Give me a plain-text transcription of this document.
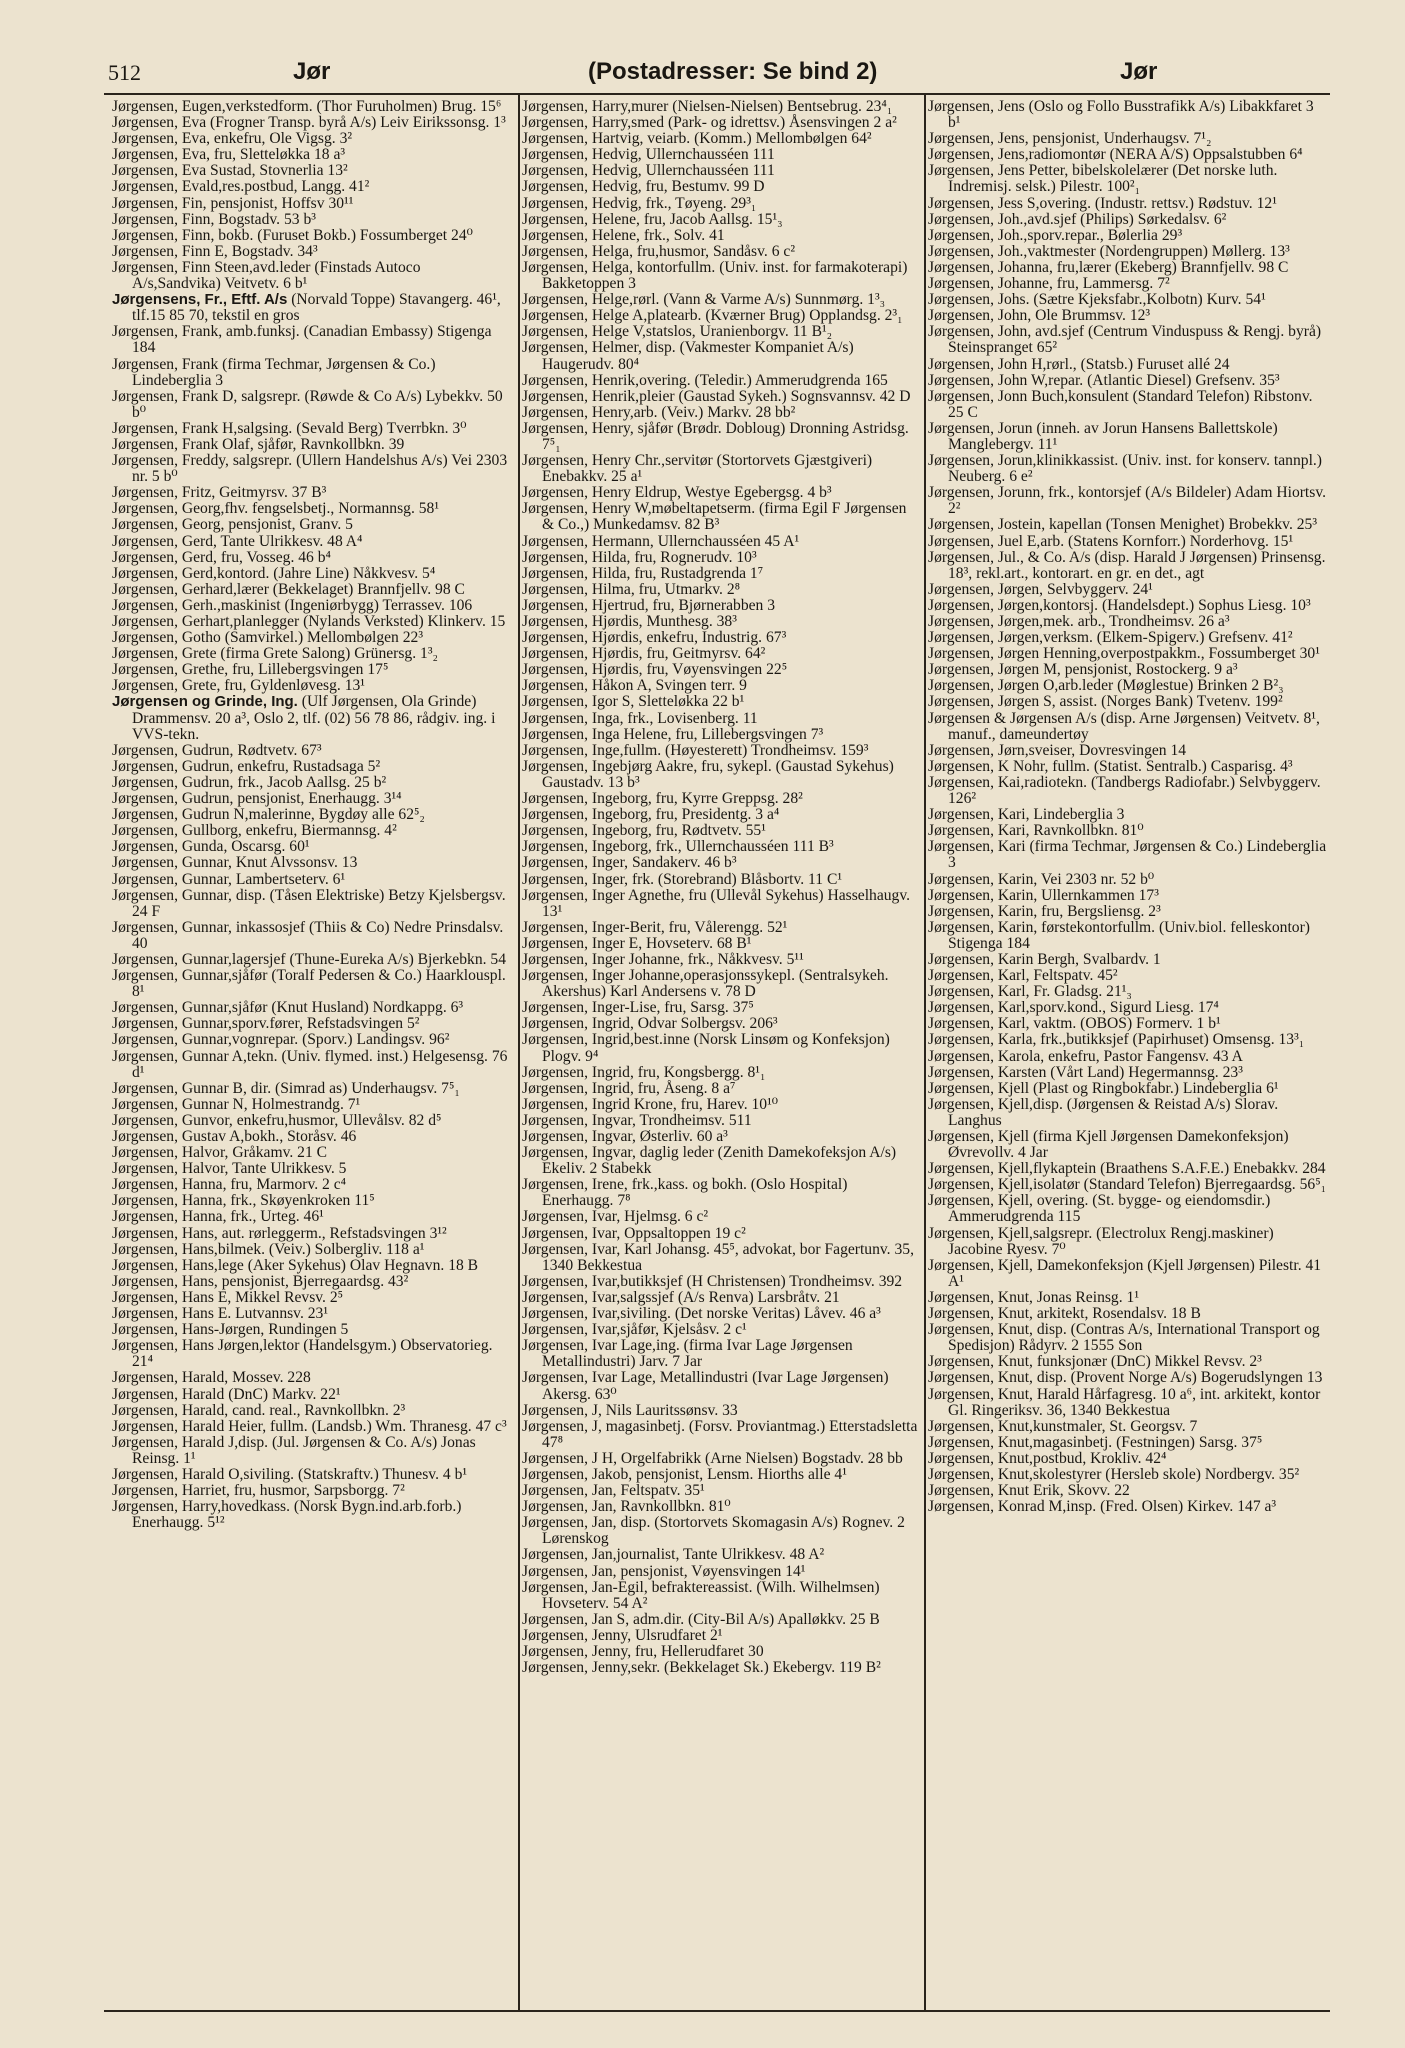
512	Jør	(Postadresser: Se bind 2)	Jør
Jørgensen, Eugen,verkstedform. (Thor Furuholmen) Brug. 15⁶
Jørgensen, Eva (Frogner Transp. byrå A/s) Leiv Eirikssonsg. 1³
Jørgensen, Eva, enkefru, Ole Vigsg. 3²
Jørgensen, Eva, fru, Sletteløkka 18 a³
Jørgensen, Eva Sustad, Stovnerlia 13²
Jørgensen, Evald,res.postbud, Langg. 41²
Jørgensen, Fin, pensjonist, Hoffsv 30¹¹
Jørgensen, Finn, Bogstadv. 53 b³
Jørgensen, Finn, bokb. (Furuset Bokb.) Fossumberget 24⁰
Jørgensen, Finn E, Bogstadv. 34³
Jørgensen, Finn Steen,avd.leder (Finstads Autoco A/s,Sandvika) Veitvetv. 6 b¹
Jørgensens, Fr., Eftf. A/s (Norvald Toppe) Stavangerg. 46¹, tlf.15 85 70, tekstil en gros
Jørgensen, Frank, amb.funksj. (Canadian Embassy) Stigenga 184
Jørgensen, Frank (firma Techmar, Jørgensen & Co.) Lindeberglia 3
Jørgensen, Frank D, salgsrepr. (Røwde & Co A/s) Lybekkv. 50 b⁰
Jørgensen, Frank H,salgsing. (Sevald Berg) Tverrbkn. 3⁰
Jørgensen, Frank Olaf, sjåfør, Ravnkollbkn. 39
Jørgensen, Freddy, salgsrepr. (Ullern Handelshus A/s) Vei 2303 nr. 5 b⁰
Jørgensen, Fritz, Geitmyrsv. 37 B³
Jørgensen, Georg,fhv. fengselsbetj., Normannsg. 58¹
Jørgensen, Georg, pensjonist, Granv. 5
Jørgensen, Gerd, Tante Ulrikkesv. 48 A⁴
Jørgensen, Gerd, fru, Vosseg. 46 b⁴
Jørgensen, Gerd,kontord. (Jahre Line) Nåkkvesv. 5⁴
Jørgensen, Gerhard,lærer (Bekkelaget) Brannfjellv. 98 C
Jørgensen, Gerh.,maskinist (Ingeniørbygg) Terrassev. 106
Jørgensen, Gerhart,planlegger (Nylands Verksted) Klinkerv. 15
Jørgensen, Gotho (Samvirkel.) Mellombølgen 22³
Jørgensen, Grete (firma Grete Salong) Grünersg. 1³₂
Jørgensen, Grethe, fru, Lillebergsvingen 17⁵
Jørgensen, Grete, fru, Gyldenløvesg. 13¹
Jørgensen og Grinde, Ing. (Ulf Jørgensen, Ola Grinde) Drammensv. 20 a³, Oslo 2, tlf. (02) 56 78 86, rådgiv. ing. i VVS-tekn.
Jørgensen, Gudrun, Rødtvetv. 67³
Jørgensen, Gudrun, enkefru, Rustadsaga 5²
Jørgensen, Gudrun, frk., Jacob Aallsg. 25 b²
Jørgensen, Gudrun, pensjonist, Enerhaugg. 3¹⁴
Jørgensen, Gudrun N,malerinne, Bygdøy alle 62⁵₂
Jørgensen, Gullborg, enkefru, Biermannsg. 4²
Jørgensen, Gunda, Oscarsg. 60¹
Jørgensen, Gunnar, Knut Alvssonsv. 13
Jørgensen, Gunnar, Lambertseterv. 6¹
Jørgensen, Gunnar, disp. (Tåsen Elektriske) Betzy Kjelsbergsv. 24 F
Jørgensen, Gunnar, inkassosjef (Thiis & Co) Nedre Prinsdalsv. 40
Jørgensen, Gunnar,lagersjef (Thune-Eureka A/s) Bjerkebkn. 54
Jørgensen, Gunnar,sjåfør (Toralf Pedersen & Co.) Haarklouspl. 8¹
Jørgensen, Gunnar,sjåfør (Knut Husland) Nordkappg. 6³
Jørgensen, Gunnar,sporv.fører, Refstadsvingen 5²
Jørgensen, Gunnar,vognrepar. (Sporv.) Landingsv. 96²
Jørgensen, Gunnar A,tekn. (Univ. flymed. inst.) Helgesensg. 76 d¹
Jørgensen, Gunnar B, dir. (Simrad as) Underhaugsv. 7⁵₁
Jørgensen, Gunnar N, Holmestrandg. 7¹
Jørgensen, Gunvor, enkefru,husmor, Ullevålsv. 82 d⁵
Jørgensen, Gustav A,bokh., Storåsv. 46
Jørgensen, Halvor, Gråkamv. 21 C
Jørgensen, Halvor, Tante Ulrikkesv. 5
Jørgensen, Hanna, fru, Marmorv. 2 c⁴
Jørgensen, Hanna, frk., Skøyenkroken 11⁵
Jørgensen, Hanna, frk., Urteg. 46¹
Jørgensen, Hans, aut. rørleggerm., Refstadsvingen 3¹²
Jørgensen, Hans,bilmek. (Veiv.) Solbergliv. 118 a¹
Jørgensen, Hans,lege (Aker Sykehus) Olav Hegnavn. 18 B
Jørgensen, Hans, pensjonist, Bjerregaardsg. 43²
Jørgensen, Hans E, Mikkel Revsv. 2⁵
Jørgensen, Hans E. Lutvannsv. 23¹
Jørgensen, Hans-Jørgen, Rundingen 5
Jørgensen, Hans Jørgen,lektor (Handelsgym.) Observatorieg. 21⁴
Jørgensen, Harald, Mossev. 228
Jørgensen, Harald (DnC) Markv. 22¹
Jørgensen, Harald, cand. real., Ravnkollbkn. 2³
Jørgensen, Harald Heier, fullm. (Landsb.) Wm. Thranesg. 47 c³
Jørgensen, Harald J,disp. (Jul. Jørgensen & Co. A/s) Jonas Reinsg. 1¹
Jørgensen, Harald O,siviling. (Statskraftv.) Thunesv. 4 b¹
Jørgensen, Harriet, fru, husmor, Sarpsborgg. 7²
Jørgensen, Harry,hovedkass. (Norsk Bygn.ind.arb.forb.) Enerhaugg. 5¹²
Jørgensen, Harry,murer (Nielsen-Nielsen) Bentsebrug. 23⁴₁
Jørgensen, Harry,smed (Park- og idrettsv.) Åsensvingen 2 a²
Jørgensen, Hartvig, veiarb. (Komm.) Mellombølgen 64²
Jørgensen, Hedvig, Ullernchausséen 111
Jørgensen, Hedvig, Ullernchausséen 111
Jørgensen, Hedvig, fru, Bestumv. 99 D
Jørgensen, Hedvig, frk., Tøyeng. 29³₁
Jørgensen, Helene, fru, Jacob Aallsg. 15¹₃
Jørgensen, Helene, frk., Solv. 41
Jørgensen, Helga, fru,husmor, Sandåsv. 6 c²
Jørgensen, Helga, kontorfullm. (Univ. inst. for farmakoterapi) Bakketoppen 3
Jørgensen, Helge,rørl. (Vann & Varme A/s) Sunnmørg. 1³₃
Jørgensen, Helge A,platearb. (Kværner Brug) Opplandsg. 2³₁
Jørgensen, Helge V,statslos, Uranienborgv. 11 B¹₂
Jørgensen, Helmer, disp. (Vakmester Kompaniet A/s) Haugerudv. 80⁴
Jørgensen, Henrik,overing. (Teledir.) Ammerudgrenda 165
Jørgensen, Henrik,pleier (Gaustad Sykeh.) Sognsvannsv. 42 D
Jørgensen, Henry,arb. (Veiv.) Markv. 28 bb²
Jørgensen, Henry, sjåfør (Brødr. Dobloug) Dronning Astridsg. 7⁵₁
Jørgensen, Henry Chr.,servitør (Stortorvets Gjæstgiveri) Enebakkv. 25 a¹
Jørgensen, Henry Eldrup, Westye Egebergsg. 4 b³
Jørgensen, Henry W,møbeltapetserm. (firma Egil F Jørgensen & Co.,) Munkedamsv. 82 B³
Jørgensen, Hermann, Ullernchausséen 45 A¹
Jørgensen, Hilda, fru, Rognerudv. 10³
Jørgensen, Hilda, fru, Rustadgrenda 1⁷
Jørgensen, Hilma, fru, Utmarkv. 2⁸
Jørgensen, Hjertrud, fru, Bjørnerabben 3
Jørgensen, Hjørdis, Munthesg. 38³
Jørgensen, Hjørdis, enkefru, Industrig. 67³
Jørgensen, Hjørdis, fru, Geitmyrsv. 64²
Jørgensen, Hjørdis, fru, Vøyensvingen 22⁵
Jørgensen, Håkon A, Svingen terr. 9
Jørgensen, Igor S, Sletteløkka 22 b¹
Jørgensen, Inga, frk., Lovisenberg. 11
Jørgensen, Inga Helene, fru, Lillebergsvingen 7³
Jørgensen, Inge,fullm. (Høyesterett) Trondheimsv. 159³
Jørgensen, Ingebjørg Aakre, fru, sykepl. (Gaustad Sykehus) Gaustadv. 13 b³
Jørgensen, Ingeborg, fru, Kyrre Greppsg. 28²
Jørgensen, Ingeborg, fru, Presidentg. 3 a⁴
Jørgensen, Ingeborg, fru, Rødtvetv. 55¹
Jørgensen, Ingeborg, frk., Ullernchausséen 111 B³
Jørgensen, Inger, Sandakerv. 46 b³
Jørgensen, Inger, frk. (Storebrand) Blåsbortv. 11 C¹
Jørgensen, Inger Agnethe, fru (Ullevål Sykehus) Hasselhaugv. 13¹
Jørgensen, Inger-Berit, fru, Vålerengg. 52¹
Jørgensen, Inger E, Hovseterv. 68 B¹
Jørgensen, Inger Johanne, frk., Nåkkvesv. 5¹¹
Jørgensen, Inger Johanne,operasjonssykepl. (Sentralsykeh. Akershus) Karl Andersens v. 78 D
Jørgensen, Inger-Lise, fru, Sarsg. 37⁵
Jørgensen, Ingrid, Odvar Solbergsv. 206³
Jørgensen, Ingrid,best.inne (Norsk Linsøm og Konfeksjon) Plogv. 9⁴
Jørgensen, Ingrid, fru, Kongsbergg. 8¹₁
Jørgensen, Ingrid, fru, Åseng. 8 a⁷
Jørgensen, Ingrid Krone, fru, Harev. 10¹⁰
Jørgensen, Ingvar, Trondheimsv. 511
Jørgensen, Ingvar, Østerliv. 60 a³
Jørgensen, Ingvar, daglig leder (Zenith Damekofeksjon A/s) Ekeliv. 2 Stabekk
Jørgensen, Irene, frk.,kass. og bokh. (Oslo Hospital) Enerhaugg. 7⁸
Jørgensen, Ivar, Hjelmsg. 6 c²
Jørgensen, Ivar, Oppsaltoppen 19 c²
Jørgensen, Ivar, Karl Johansg. 45⁵, advokat, bor Fagertunv. 35, 1340 Bekkestua
Jørgensen, Ivar,butikksjef (H Christensen) Trondheimsv. 392
Jørgensen, Ivar,salgssjef (A/s Renva) Larsbråtv. 21
Jørgensen, Ivar,siviling. (Det norske Veritas) Låvev. 46 a³
Jørgensen, Ivar,sjåfør, Kjelsåsv. 2 c¹
Jørgensen, Ivar Lage,ing. (firma Ivar Lage Jørgensen Metallindustri) Jarv. 7 Jar
Jørgensen, Ivar Lage, Metallindustri (Ivar Lage Jørgensen) Akersg. 63⁰
Jørgensen, J, Nils Lauritssønsv. 33
Jørgensen, J, magasinbetj. (Forsv. Proviantmag.) Etterstadsletta 47⁸
Jørgensen, J H, Orgelfabrikk (Arne Nielsen) Bogstadv. 28 bb
Jørgensen, Jakob, pensjonist, Lensm. Hiorths alle 4¹
Jørgensen, Jan, Feltspatv. 35¹
Jørgensen, Jan, Ravnkollbkn. 81⁰
Jørgensen, Jan, disp. (Stortorvets Skomagasin A/s) Rognev. 2 Lørenskog
Jørgensen, Jan,journalist, Tante Ulrikkesv. 48 A²
Jørgensen, Jan, pensjonist, Vøyensvingen 14¹
Jørgensen, Jan-Egil, befraktereassist. (Wilh. Wilhelmsen) Hovseterv. 54 A²
Jørgensen, Jan S, adm.dir. (City-Bil A/s) Apalløkkv. 25 B
Jørgensen, Jenny, Ulsrudfaret 2¹
Jørgensen, Jenny, fru, Hellerudfaret 30
Jørgensen, Jenny,sekr. (Bekkelaget Sk.) Ekebergv. 119 B²
Jørgensen, Jens (Oslo og Follo Busstrafikk A/s) Libakkfaret 3 b¹
Jørgensen, Jens, pensjonist, Underhaugsv. 7¹₂
Jørgensen, Jens,radiomontør (NERA A/S) Oppsalstubben 6⁴
Jørgensen, Jens Petter, bibelskolelærer (Det norske luth. Indremisj. selsk.) Pilestr. 100²₁
Jørgensen, Jess S,overing. (Industr. rettsv.) Rødstuv. 12¹
Jørgensen, Joh.,avd.sjef (Philips) Sørkedalsv. 6²
Jørgensen, Joh.,sporv.repar., Bølerlia 29³
Jørgensen, Joh.,vaktmester (Nordengruppen) Møllerg. 13³
Jørgensen, Johanna, fru,lærer (Ekeberg) Brannfjellv. 98 C
Jørgensen, Johanne, fru, Lammersg. 7²
Jørgensen, Johs. (Sætre Kjeksfabr.,Kolbotn) Kurv. 54¹
Jørgensen, John, Ole Brummsv. 12³
Jørgensen, John, avd.sjef (Centrum Vinduspuss & Rengj. byrå) Steinspranget 65²
Jørgensen, John H,rørl., (Statsb.) Furuset allé 24
Jørgensen, John W,repar. (Atlantic Diesel) Grefsenv. 35³
Jørgensen, Jonn Buch,konsulent (Standard Telefon) Ribstonv. 25 C
Jørgensen, Jorun (inneh. av Jorun Hansens Ballettskole) Manglebergv. 11¹
Jørgensen, Jorun,klinikkassist. (Univ. inst. for konserv. tannpl.) Neuberg. 6 e²
Jørgensen, Jorunn, frk., kontorsjef (A/s Bildeler) Adam Hiortsv. 2²
Jørgensen, Jostein, kapellan (Tonsen Menighet) Brobekkv. 25³
Jørgensen, Juel E,arb. (Statens Kornforr.) Norderhovg. 15¹
Jørgensen, Jul., & Co. A/s (disp. Harald J Jørgensen) Prinsensg. 18³, rekl.art., kontorart. en gr. en det., agt
Jørgensen, Jørgen, Selvbyggerv. 24¹
Jørgensen, Jørgen,kontorsj. (Handelsdept.) Sophus Liesg. 10³
Jørgensen, Jørgen,mek. arb., Trondheimsv. 26 a³
Jørgensen, Jørgen,verksm. (Elkem-Spigerv.) Grefsenv. 41²
Jørgensen, Jørgen Henning,overpostpakkm., Fossumberget 30¹
Jørgensen, Jørgen M, pensjonist, Rostockerg. 9 a³
Jørgensen, Jørgen O,arb.leder (Møglestue) Brinken 2 B²₃
Jørgensen, Jørgen S, assist. (Norges Bank) Tvetenv. 199²
Jørgensen & Jørgensen A/s (disp. Arne Jørgensen) Veitvetv. 8¹, manuf., dameundertøy
Jørgensen, Jørn,sveiser, Dovresvingen 14
Jørgensen, K Nohr, fullm. (Statist. Sentralb.) Casparisg. 4³
Jørgensen, Kai,radiotekn. (Tandbergs Radiofabr.) Selvbyggerv. 126²
Jørgensen, Kari, Lindeberglia 3
Jørgensen, Kari, Ravnkollbkn. 81⁰
Jørgensen, Kari (firma Techmar, Jørgensen & Co.) Lindeberglia 3
Jørgensen, Karin, Vei 2303 nr. 52 b⁰
Jørgensen, Karin, Ullernkammen 17³
Jørgensen, Karin, fru, Bergsliensg. 2³
Jørgensen, Karin, førstekontorfullm. (Univ.biol. felleskontor) Stigenga 184
Jørgensen, Karin Bergh, Svalbardv. 1
Jørgensen, Karl, Feltspatv. 45²
Jørgensen, Karl, Fr. Gladsg. 21¹₃
Jørgensen, Karl,sporv.kond., Sigurd Liesg. 17⁴
Jørgensen, Karl, vaktm. (OBOS) Formerv. 1 b¹
Jørgensen, Karla, frk.,butikksjef (Papirhuset) Omsensg. 13³₁
Jørgensen, Karola, enkefru, Pastor Fangensv. 43 A
Jørgensen, Karsten (Vårt Land) Hegermannsg. 23³
Jørgensen, Kjell (Plast og Ringbokfabr.) Lindeberglia 6¹
Jørgensen, Kjell,disp. (Jørgensen & Reistad A/s) Slorav. Langhus
Jørgensen, Kjell (firma Kjell Jørgensen Damekonfeksjon) Øvrevollv. 4 Jar
Jørgensen, Kjell,flykaptein (Braathens S.A.F.E.) Enebakkv. 284
Jørgensen, Kjell,isolatør (Standard Telefon) Bjerregaardsg. 56⁵₁
Jørgensen, Kjell, overing. (St. bygge- og eiendomsdir.) Ammerudgrenda 115
Jørgensen, Kjell,salgsrepr. (Electrolux Rengj.maskiner) Jacobine Ryesv. 7⁰
Jørgensen, Kjell, Damekonfeksjon (Kjell Jørgensen) Pilestr. 41 A¹
Jørgensen, Knut, Jonas Reinsg. 1¹
Jørgensen, Knut, arkitekt, Rosendalsv. 18 B
Jørgensen, Knut, disp. (Contras A/s, International Transport og Spedisjon) Rådyrv. 2 1555 Son
Jørgensen, Knut, funksjonær (DnC) Mikkel Revsv. 2³
Jørgensen, Knut, disp. (Provent Norge A/s) Bogerudslyngen 13
Jørgensen, Knut, Harald Hårfagresg. 10 a⁶, int. arkitekt, kontor Gl. Ringeriksv. 36, 1340 Bekkestua
Jørgensen, Knut,kunstmaler, St. Georgsv. 7
Jørgensen, Knut,magasinbetj. (Festningen) Sarsg. 37⁵
Jørgensen, Knut,postbud, Krokliv. 42⁴
Jørgensen, Knut,skolestyrer (Hersleb skole) Nordbergv. 35²
Jørgensen, Knut Erik, Skovv. 22
Jørgensen, Konrad M,insp. (Fred. Olsen) Kirkev. 147 a³
